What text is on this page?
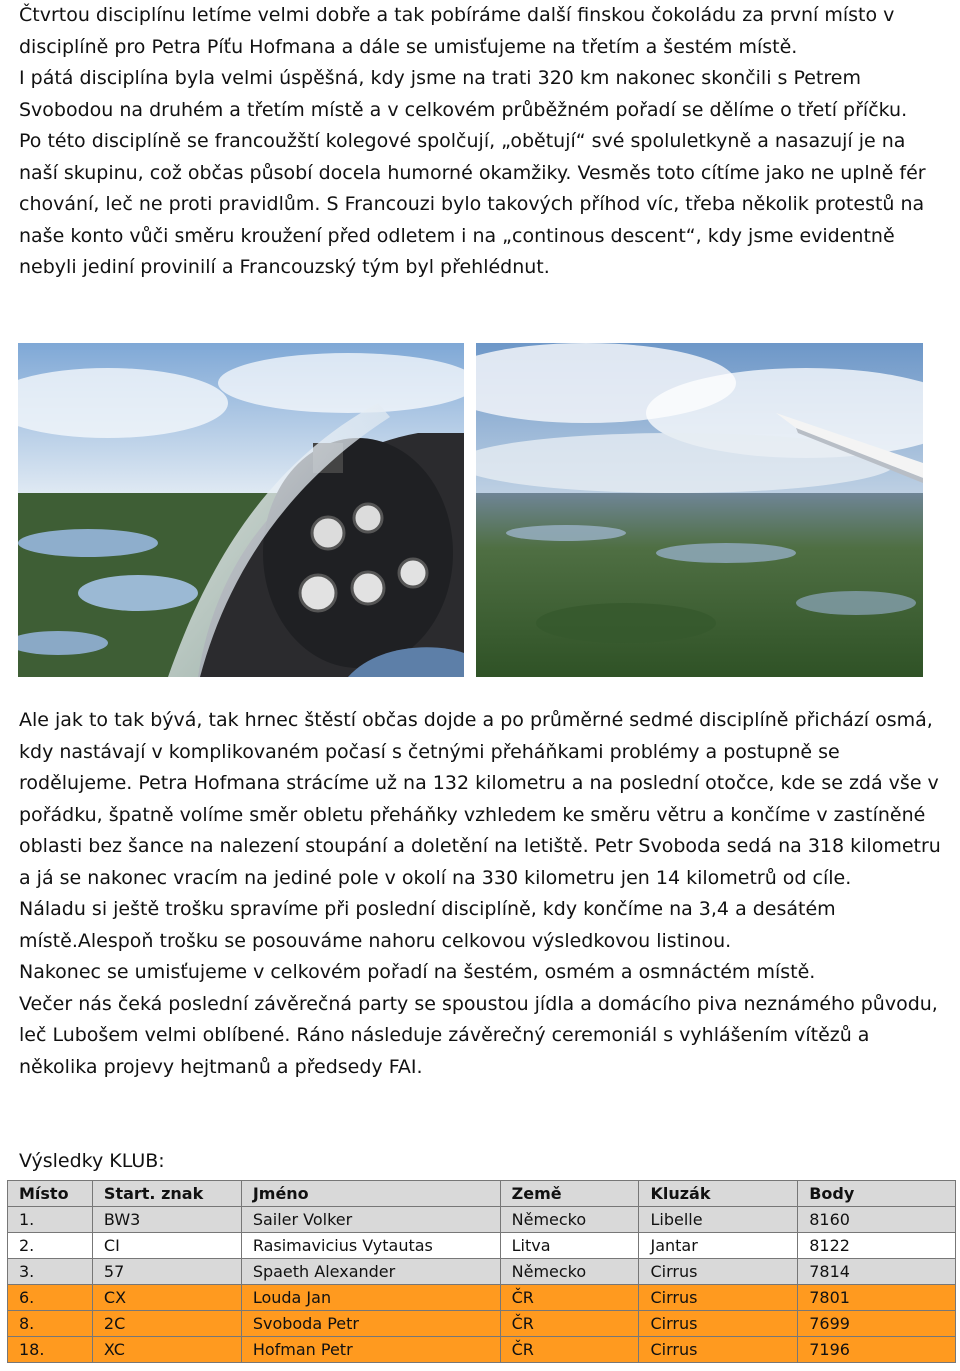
Čtvrtou disciplínu letíme velmi dobře a tak pobíráme další finskou čokoládu za první místo v disciplíně pro Petra Píťu Hofmana a dále se umisťujeme na třetím a šestém místě.
I pátá disciplína byla velmi úspěšná, kdy jsme na trati 320 km nakonec skončili s Petrem Svobodou na druhém a třetím místě a v celkovém průběžném pořadí se dělíme o třetí příčku.
Po této disciplíně se francoužští kolegové spolčují, „obětují“ své spoluletkyně a nasazují je na naší skupinu, což občas působí docela humorné okamžiky. Vesměs toto cítíme jako ne uplně fér chování, leč ne proti pravidlům. S Francouzi bylo takových příhod víc, třeba několik protestů na naše konto vůči směru kroužení před odletem i na „continous descent“, kdy jsme evidentně nebyli jediní provinilí a Francouzský tým byl přehlédnut.
Ale jak to tak bývá, tak hrnec štěstí občas dojde a po průměrné sedmé disciplíně přichází osmá, kdy nastávají v komplikovaném počasí s četnými přeháňkami problémy a postupně se rodělujeme. Petra Hofmana strácíme už na 132 kilometru a na poslední otočce, kde se zdá vše v pořádku, špatně volíme směr obletu přeháňky vzhledem ke směru větru a končíme v zastíněné oblasti bez šance na nalezení stoupání a doletění na letiště. Petr Svoboda sedá na 318 kilometru a já se nakonec vracím na jediné pole v okolí na 330 kilometru jen 14 kilometrů od cíle.
Náladu si ještě trošku spravíme při poslední disciplíně, kdy končíme na 3,4 a desátém místě.Alespoň trošku se posouváme nahoru celkovou výsledkovou listinou.
Nakonec se umisťujeme v celkovém pořadí na šestém, osmém a osmnáctém místě.
Večer nás čeká poslední závěrečná party se spoustou jídla a domácího piva neznámého původu, leč Lubošem velmi oblíbené. Ráno následuje závěrečný ceremoniál s vyhlášením vítězů a několika projevy hejtmanů a předsedy FAI.

Výsledky KLUB:

Místo	Start. znak	Jméno	Země	Kluzák	Body
1.	BW3	Sailer Volker	Německo	Libelle	8160
2.	CI	Rasimavicius Vytautas	Litva	Jantar	8122
3.	57	Spaeth Alexander	Německo	Cirrus	7814
6.	CX	Louda Jan	ČR	Cirrus	7801
8.	2C	Svoboda Petr	ČR	Cirrus	7699
18.	XC	Hofman Petr	ČR	Cirrus	7196
